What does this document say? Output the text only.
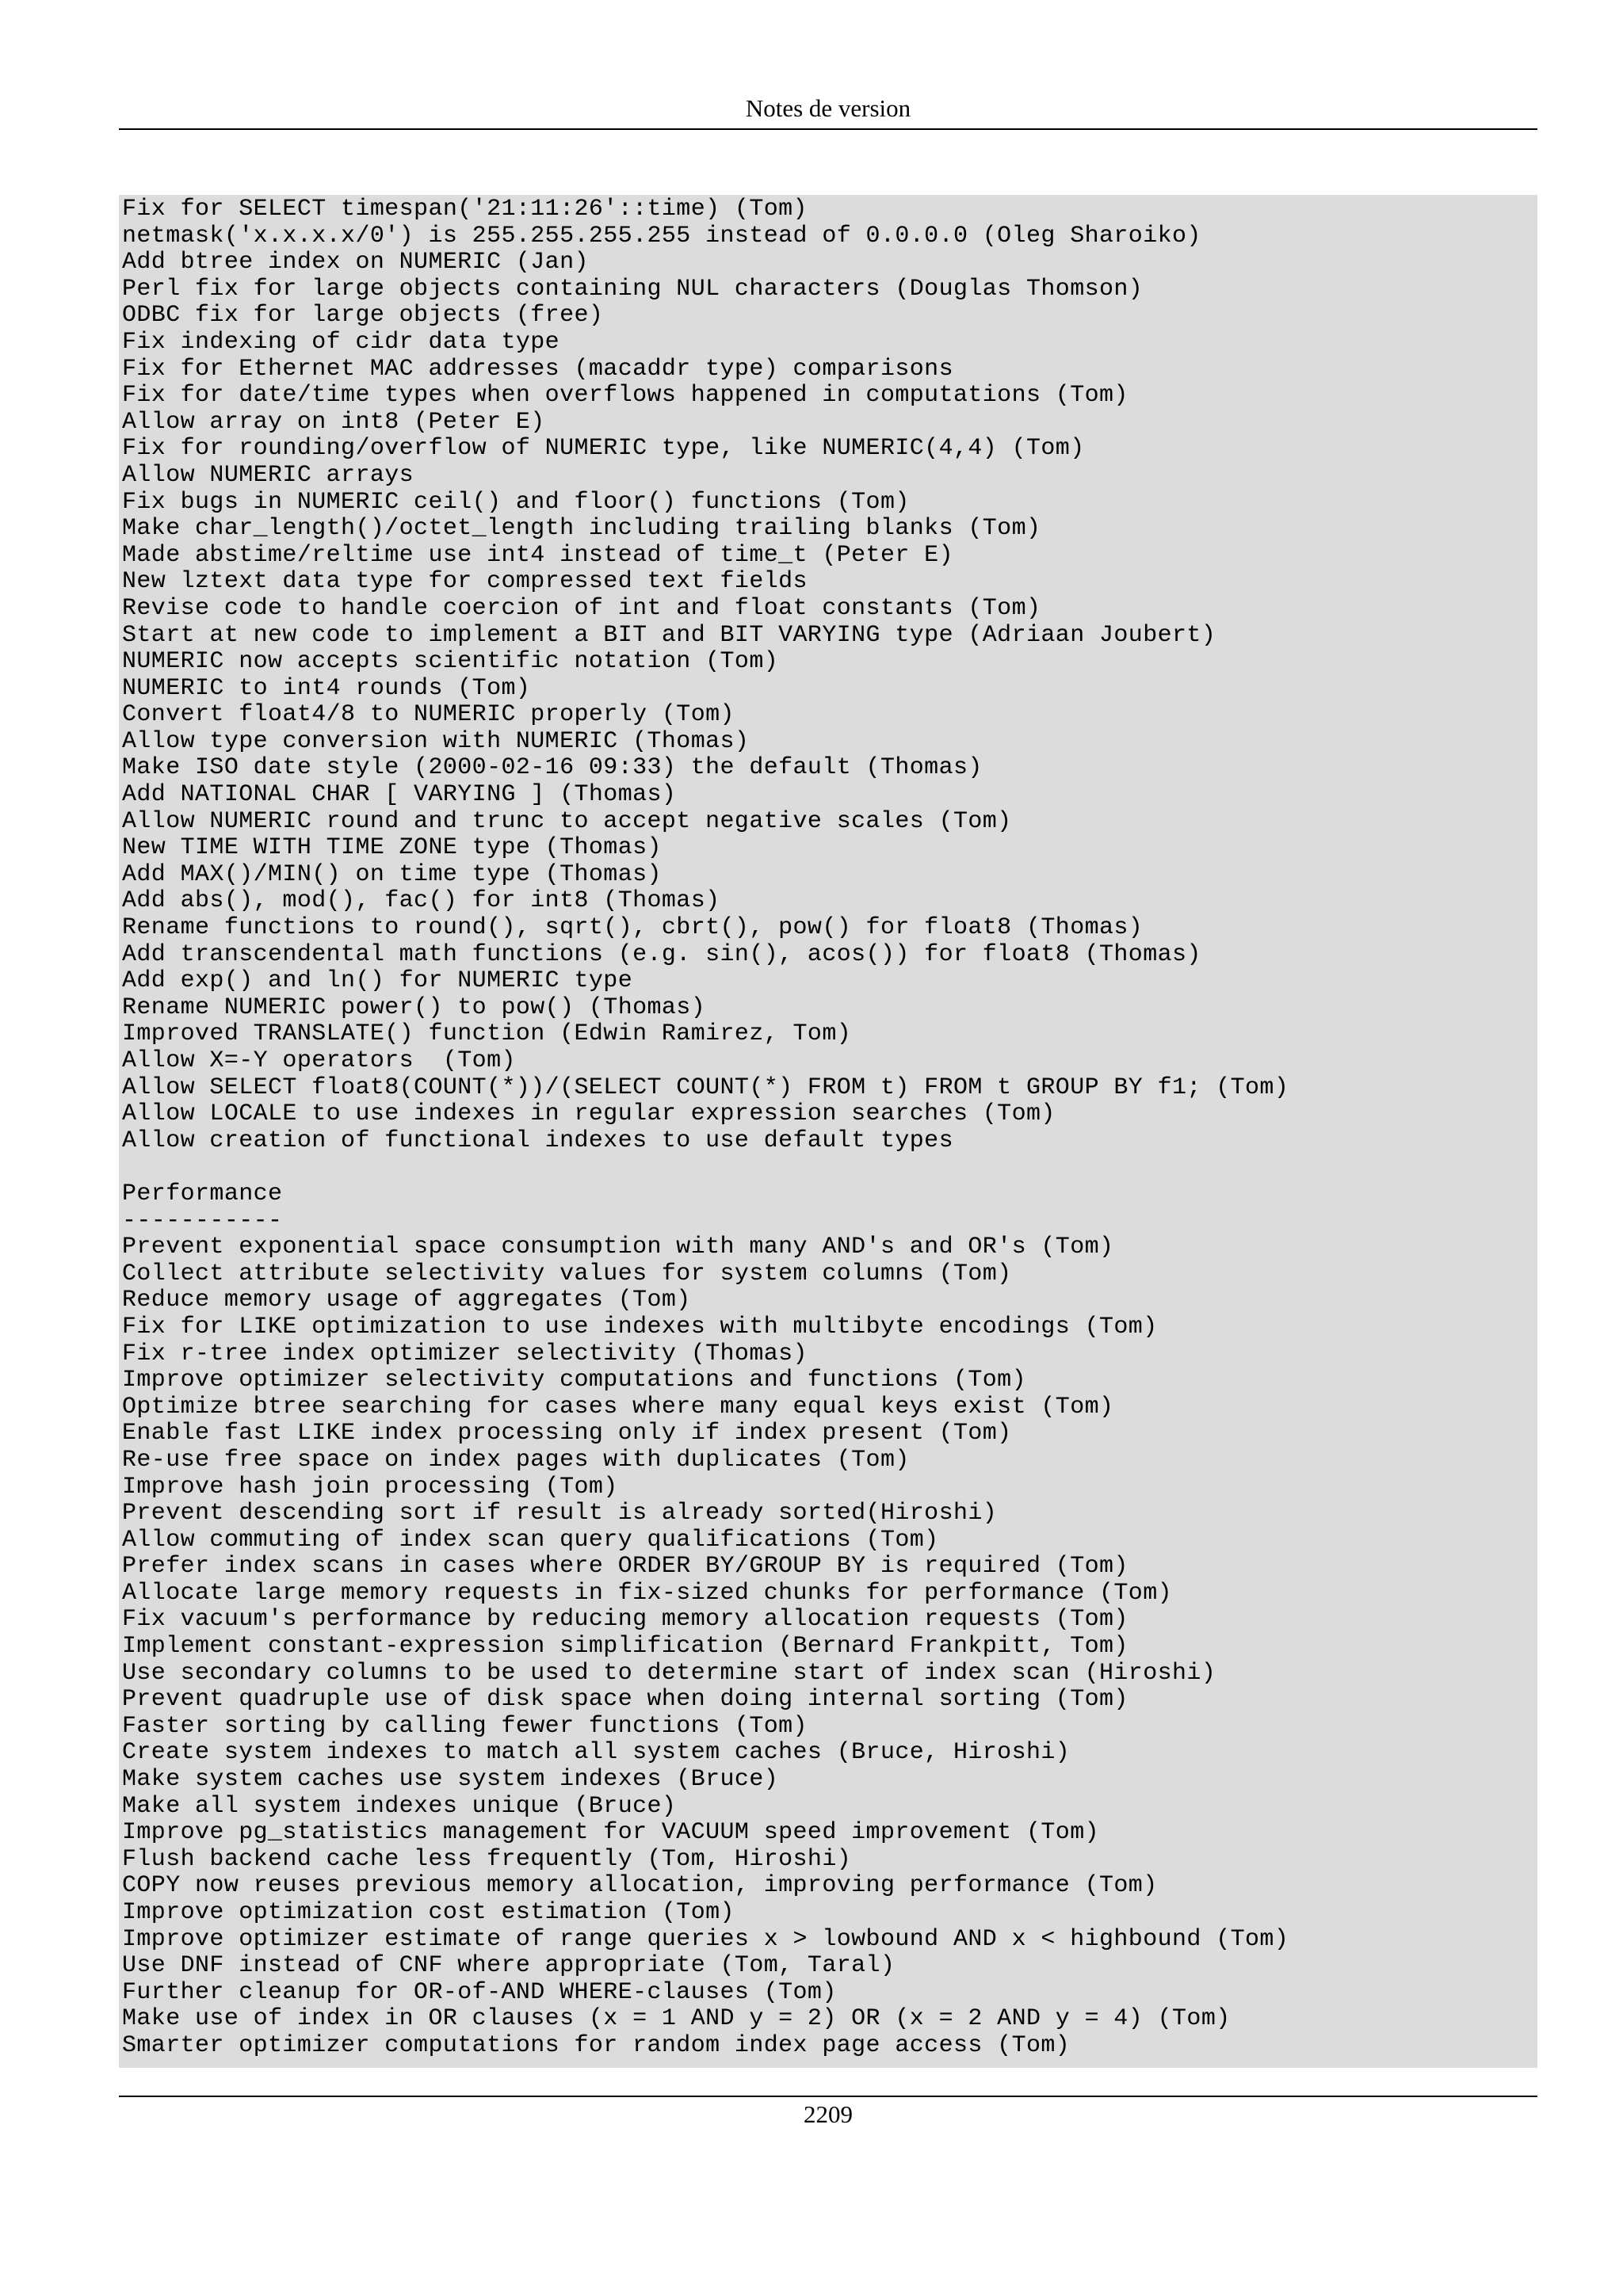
Notes de version
Fix for SELECT timespan('21:11:26'::time) (Tom)
netmask('x.x.x.x/0') is 255.255.255.255 instead of 0.0.0.0 (Oleg Sharoiko)
Add btree index on NUMERIC (Jan)
Perl fix for large objects containing NUL characters (Douglas Thomson)
ODBC fix for large objects (free)
Fix indexing of cidr data type
Fix for Ethernet MAC addresses (macaddr type) comparisons
Fix for date/time types when overflows happened in computations (Tom)
Allow array on int8 (Peter E)
Fix for rounding/overflow of NUMERIC type, like NUMERIC(4,4) (Tom)
Allow NUMERIC arrays
Fix bugs in NUMERIC ceil() and floor() functions (Tom)
Make char_length()/octet_length including trailing blanks (Tom)
Made abstime/reltime use int4 instead of time_t (Peter E)
New lztext data type for compressed text fields
Revise code to handle coercion of int and float constants (Tom)
Start at new code to implement a BIT and BIT VARYING type (Adriaan Joubert)
NUMERIC now accepts scientific notation (Tom)
NUMERIC to int4 rounds (Tom)
Convert float4/8 to NUMERIC properly (Tom)
Allow type conversion with NUMERIC (Thomas)
Make ISO date style (2000-02-16 09:33) the default (Thomas)
Add NATIONAL CHAR [ VARYING ] (Thomas)
Allow NUMERIC round and trunc to accept negative scales (Tom)
New TIME WITH TIME ZONE type (Thomas)
Add MAX()/MIN() on time type (Thomas)
Add abs(), mod(), fac() for int8 (Thomas)
Rename functions to round(), sqrt(), cbrt(), pow() for float8 (Thomas)
Add transcendental math functions (e.g. sin(), acos()) for float8 (Thomas)
Add exp() and ln() for NUMERIC type
Rename NUMERIC power() to pow() (Thomas)
Improved TRANSLATE() function (Edwin Ramirez, Tom)
Allow X=-Y operators  (Tom)
Allow SELECT float8(COUNT(*))/(SELECT COUNT(*) FROM t) FROM t GROUP BY f1; (Tom)
Allow LOCALE to use indexes in regular expression searches (Tom)
Allow creation of functional indexes to use default types
Performance
-----------
Prevent exponential space consumption with many AND's and OR's (Tom)
Collect attribute selectivity values for system columns (Tom)
Reduce memory usage of aggregates (Tom)
Fix for LIKE optimization to use indexes with multibyte encodings (Tom)
Fix r-tree index optimizer selectivity (Thomas)
Improve optimizer selectivity computations and functions (Tom)
Optimize btree searching for cases where many equal keys exist (Tom)
Enable fast LIKE index processing only if index present (Tom)
Re-use free space on index pages with duplicates (Tom)
Improve hash join processing (Tom)
Prevent descending sort if result is already sorted(Hiroshi)
Allow commuting of index scan query qualifications (Tom)
Prefer index scans in cases where ORDER BY/GROUP BY is required (Tom)
Allocate large memory requests in fix-sized chunks for performance (Tom)
Fix vacuum's performance by reducing memory allocation requests (Tom)
Implement constant-expression simplification (Bernard Frankpitt, Tom)
Use secondary columns to be used to determine start of index scan (Hiroshi)
Prevent quadruple use of disk space when doing internal sorting (Tom)
Faster sorting by calling fewer functions (Tom)
Create system indexes to match all system caches (Bruce, Hiroshi)
Make system caches use system indexes (Bruce)
Make all system indexes unique (Bruce)
Improve pg_statistics management for VACUUM speed improvement (Tom)
Flush backend cache less frequently (Tom, Hiroshi)
COPY now reuses previous memory allocation, improving performance (Tom)
Improve optimization cost estimation (Tom)
Improve optimizer estimate of range queries x > lowbound AND x < highbound (Tom)
Use DNF instead of CNF where appropriate (Tom, Taral)
Further cleanup for OR-of-AND WHERE-clauses (Tom)
Make use of index in OR clauses (x = 1 AND y = 2) OR (x = 2 AND y = 4) (Tom)
Smarter optimizer computations for random index page access (Tom)
2209
